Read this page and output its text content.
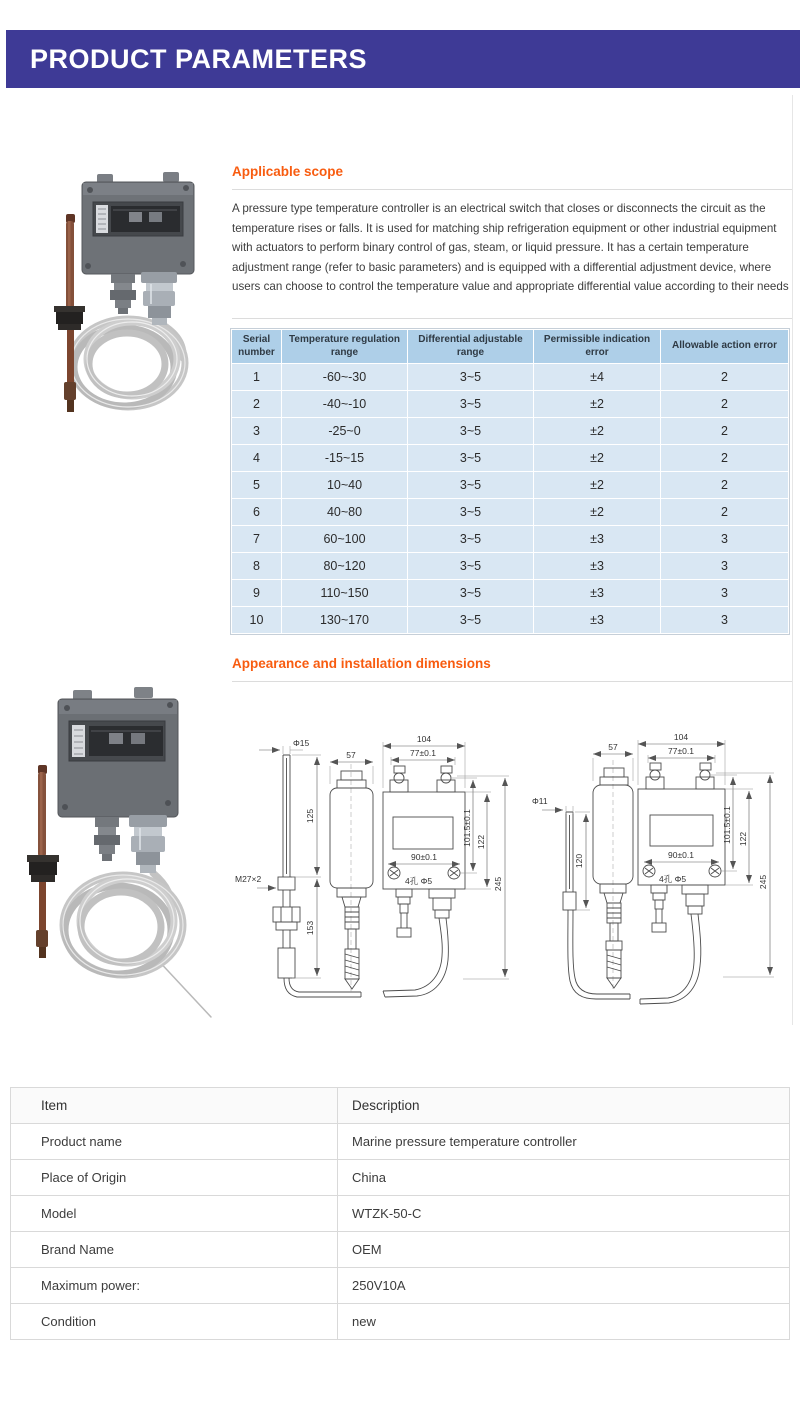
PRODUCT PARAMETERS
Applicable scope
A pressure type temperature controller is an electrical switch that closes or disconnects the circuit as the temperature rises or falls. It is used for matching ship refrigeration equipment or other industrial equipment with actuators to perform binary control of gas, steam, or liquid pressure. It has a certain temperature adjustment range (refer to basic parameters) and is equipped with a differential adjustment device, where users can choose to control the temperature value and appropriate differential value according to their needs
Serial number	Temperature regulation range	Differential adjustable range	Permissible indication error	Allowable action error
1	-60~-30	3~5	±4	2
2	-40~-10	3~5	±2	2
3	-25~0	3~5	±2	2
4	-15~15	3~5	±2	2
5	10~40	3~5	±2	2
6	40~80	3~5	±2	2
7	60~100	3~5	±3	3
8	80~120	3~5	±3	3
9	110~150	3~5	±3	3
10	130~170	3~5	±3	3
Appearance and installation dimensions
Φ15
125
153
M27×2
57
104
77±0.1
90±0.1
4孔 Φ5
101.5±0.1 122
245
Φ11
120
57
104
77±0.1
90±0.1
4孔 Φ5
101.5±0.1 122
245
Item	Description
Product name	Marine pressure temperature controller
Place of Origin	China
Model	WTZK-50-C
Brand Name	OEM
Maximum power:	250V10A
Condition	new
